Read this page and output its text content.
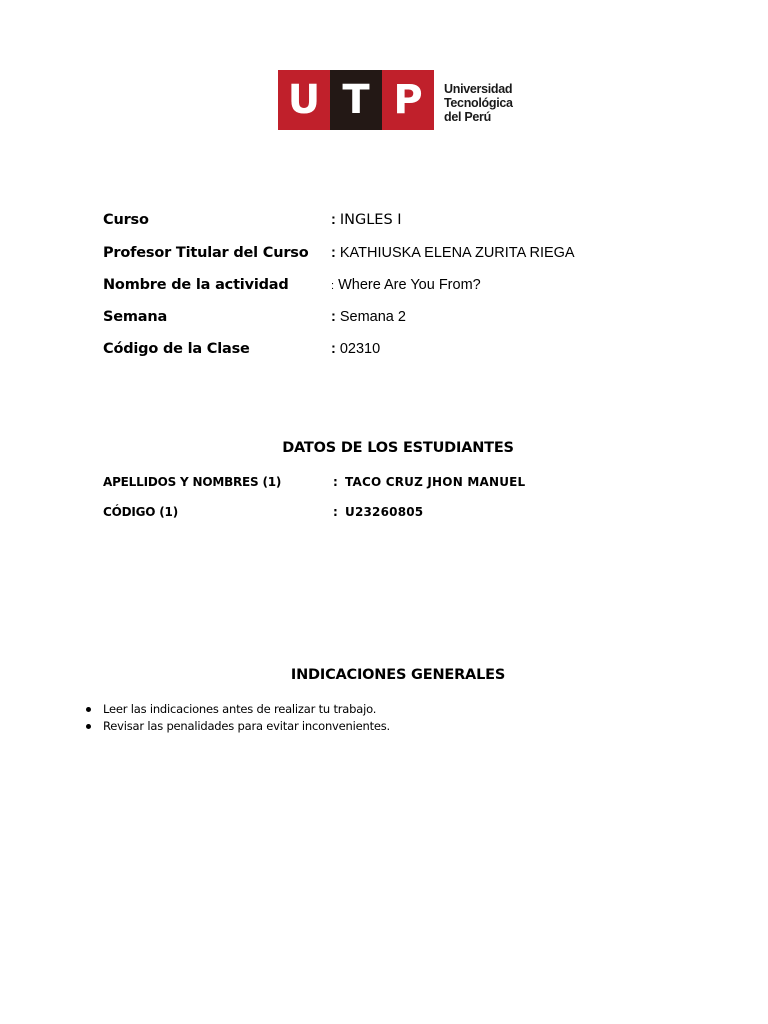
U T P	Universidad
Tecnológica
del Perú
Curso	: INGLES I
Profesor Titular del Curso : KATHIUSKA ELENA ZURITA RIEGA
Nombre de la actividad	: Where Are You From?
Semana	: Semana 2
Código de la Clase	: 02310
DATOS DE LOS ESTUDIANTES
APELLIDOS Y NOMBRES (1)	: TACO CRUZ JHON MANUEL
CÓDIGO (1)	: U23260805
INDICACIONES GENERALES
Leer las indicaciones antes de realizar tu trabajo.
Revisar las penalidades para evitar inconvenientes.
